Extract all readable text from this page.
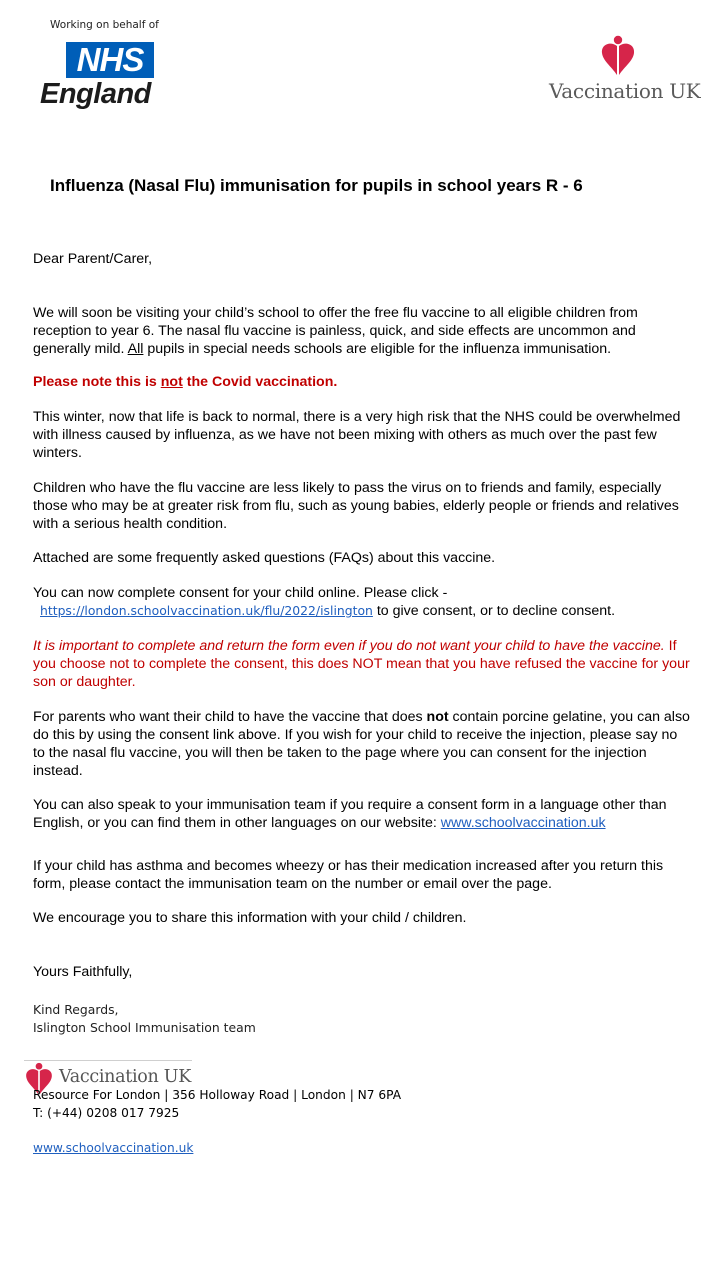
Working on behalf of
NHS
England	Vaccination UK
Influenza (Nasal Flu) immunisation for pupils in school years R - 6
Dear Parent/Carer,
We will soon be visiting your child’s school to offer the free flu vaccine to all eligible children from reception to year 6. The nasal flu vaccine is painless, quick, and side effects are uncommon and generally mild. All pupils in special needs schools are eligible for the influenza immunisation.
Please note this is not the Covid vaccination.
This winter, now that life is back to normal, there is a very high risk that the NHS could be overwhelmed with illness caused by influenza, as we have not been mixing with others as much over the past few winters.
Children who have the flu vaccine are less likely to pass the virus on to friends and family, especially those who may be at greater risk from flu, such as young babies, elderly people or friends and relatives with a serious health condition.
Attached are some frequently asked questions (FAQs) about this vaccine.
You can now complete consent for your child online. Please click -
https://london.schoolvaccination.uk/flu/2022/islington to give consent, or to decline consent.
It is important to complete and return the form even if you do not want your child to have the vaccine. If you choose not to complete the consent, this does NOT mean that you have refused the vaccine for your son or daughter.
For parents who want their child to have the vaccine that does not contain porcine gelatine, you can also do this by using the consent link above. If you wish for your child to receive the injection, please say no to the nasal flu vaccine, you will then be taken to the page where you can consent for the injection instead.
You can also speak to your immunisation team if you require a consent form in a language other than English, or you can find them in other languages on our website: www.schoolvaccination.uk
If your child has asthma and becomes wheezy or has their medication increased after you return this form, please contact the immunisation team on the number or email over the page.
We encourage you to share this information with your child / children.
Yours Faithfully,
Kind Regards,
Islington School Immunisation team
Vaccination UK
Resource For London | 356 Holloway Road | London | N7 6PA
T: (+44) 0208 017 7925
www.schoolvaccination.uk
